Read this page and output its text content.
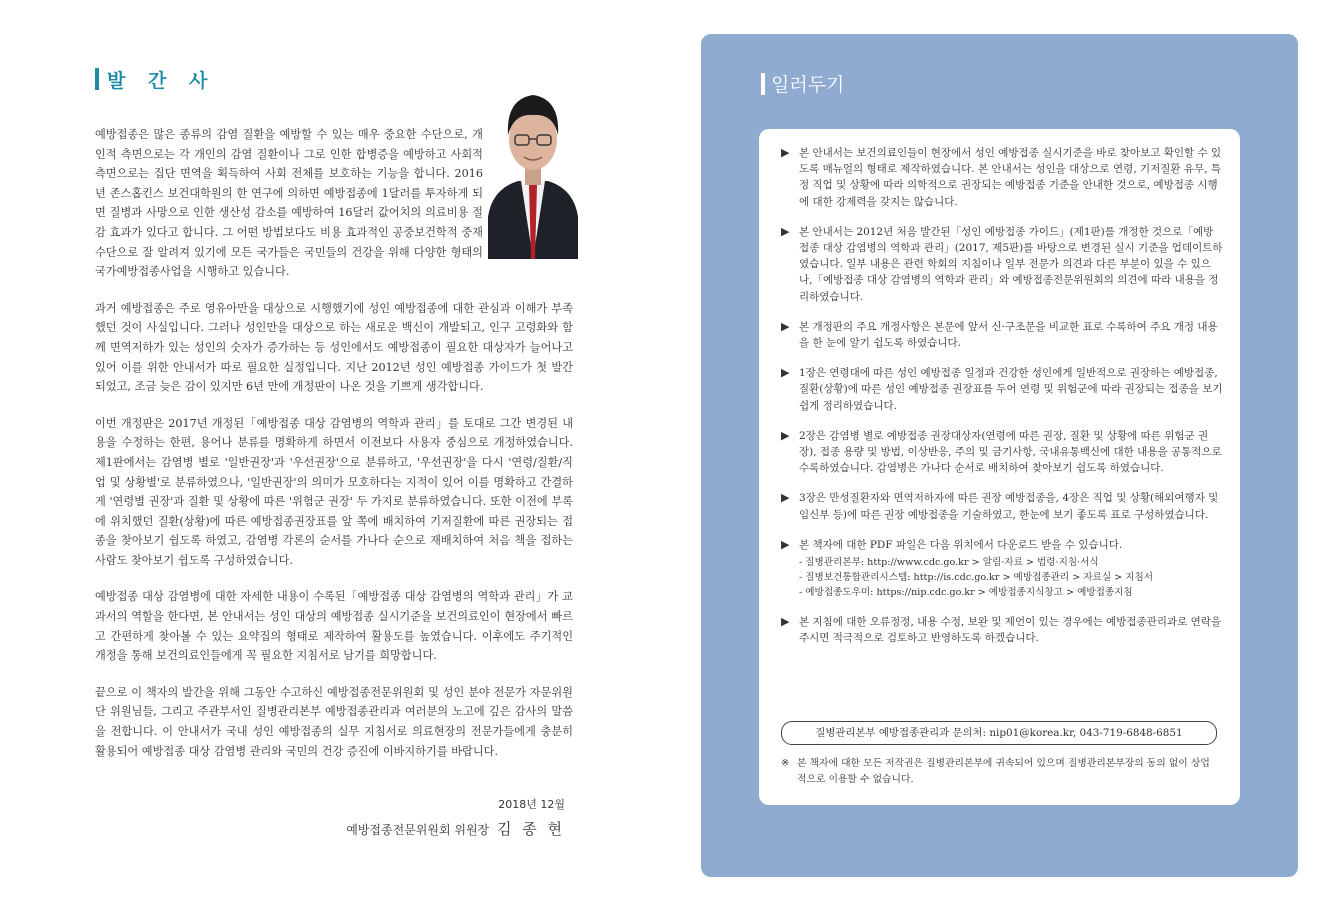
발 간 사

예방접종은 많은 종류의 감염 질환을 예방할 수 있는 매우 중요한 수단으로, 개인적 측면으로는 각 개인의 감염 질환이나 그로 인한 합병증을 예방하고 사회적 측면으로는 집단 면역을 획득하여 사회 전체를 보호하는 기능을 합니다. 2016년 존스홉킨스 보건대학원의 한 연구에 의하면 예방접종에 1달러를 투자하게 되면 질병과 사망으로 인한 생산성 감소를 예방하여 16달러 값어치의 의료비용 절감 효과가 있다고 합니다. 그 어떤 방법보다도 비용 효과적인 공중보건학적 중재수단으로 잘 알려져 있기에 모든 국가들은 국민들의 건강을 위해 다양한 형태의 국가예방접종사업을 시행하고 있습니다.

과거 예방접종은 주로 영유아만을 대상으로 시행했기에 성인 예방접종에 대한 관심과 이해가 부족했던 것이 사실입니다. 그러나 성인만을 대상으로 하는 새로운 백신이 개발되고, 인구 고령화와 함께 면역저하가 있는 성인의 숫자가 증가하는 등 성인에서도 예방접종이 필요한 대상자가 늘어나고 있어 이를 위한 안내서가 따로 필요한 실정입니다. 지난 2012년 성인 예방접종 가이드가 첫 발간되었고, 조금 늦은 감이 있지만 6년 만에 개정판이 나온 것을 기쁘게 생각합니다.

이번 개정판은 2017년 개정된「예방접종 대상 감염병의 역학과 관리」를 토대로 그간 변경된 내용을 수정하는 한편, 용어나 분류를 명확하게 하면서 이전보다 사용자 중심으로 개정하였습니다. 제1판에서는 감염병 별로 '일반권장'과 '우선권장'으로 분류하고, '우선권장'을 다시 '연령/질환/직업 및 상황별'로 분류하였으나, '일반권장'의 의미가 모호하다는 지적이 있어 이를 명확하고 간결하게 '연령별 권장'과 질환 및 상황에 따른 '위험군 권장' 두 가지로 분류하였습니다. 또한 이전에 부록에 위치했던 질환(상황)에 따른 예방접종권장표를 앞 쪽에 배치하여 기저질환에 따른 권장되는 접종을 찾아보기 쉽도록 하였고, 감염병 각론의 순서를 가나다 순으로 재배치하여 처음 책을 접하는 사람도 찾아보기 쉽도록 구성하였습니다.

예방접종 대상 감염병에 대한 자세한 내용이 수록된「예방접종 대상 감염병의 역학과 관리」가 교과서의 역할을 한다면, 본 안내서는 성인 대상의 예방접종 실시기준을 보건의료인이 현장에서 빠르고 간편하게 찾아볼 수 있는 요약집의 형태로 제작하여 활용도를 높였습니다. 이후에도 주기적인 개정을 통해 보건의료인들에게 꼭 필요한 지침서로 남기를 희망합니다.

끝으로 이 책자의 발간을 위해 그동안 수고하신 예방접종전문위원회 및 성인 분야 전문가 자문위원단 위원님들, 그리고 주관부서인 질병관리본부 예방접종관리과 여러분의 노고에 깊은 감사의 말씀을 전합니다. 이 안내서가 국내 성인 예방접종의 실무 지침서로 의료현장의 전문가들에게 충분히 활용되어 예방접종 대상 감염병 관리와 국민의 건강 증진에 이바지하기를 바랍니다.

2018년 12월
예방접종전문위원회 위원장 김 종 현
일러두기
▶ 본 안내서는 보건의료인들이 현장에서 성인 예방접종 실시기준을 바로 찾아보고 확인할 수 있도록 매뉴얼의 형태로 제작하였습니다. 본 안내서는 성인을 대상으로 연령, 기저질환 유무, 특정 직업 및 상황에 따라 의학적으로 권장되는 예방접종 기준을 안내한 것으로, 예방접종 시행에 대한 강제력을 갖지는 않습니다.
▶ 본 안내서는 2012년 처음 발간된「성인 예방접종 가이드」(제1판)를 개정한 것으로「예방접종 대상 감염병의 역학과 관리」(2017, 제5판)를 바탕으로 변경된 실시 기준을 업데이트하였습니다. 일부 내용은 관련 학회의 지침이나 일부 전문가 의견과 다른 부분이 있을 수 있으나,「예방접종 대상 감염병의 역학과 관리」와 예방접종전문위원회의 의견에 따라 내용을 정리하였습니다.
▶ 본 개정판의 주요 개정사항은 본문에 앞서 신·구조문을 비교한 표로 수록하여 주요 개정 내용을 한 눈에 알기 쉽도록 하였습니다.
▶ 1장은 연령대에 따른 성인 예방접종 일정과 건강한 성인에게 일반적으로 권장하는 예방접종, 질환(상황)에 따른 성인 예방접종 권장표를 두어 연령 및 위험군에 따라 권장되는 접종을 보기 쉽게 정리하였습니다.
▶ 2장은 감염병 별로 예방접종 권장대상자(연령에 따른 권장, 질환 및 상황에 따른 위험군 권장), 접종 용량 및 방법, 이상반응, 주의 및 금기사항, 국내유통백신에 대한 내용을 공통적으로 수록하였습니다. 감염병은 가나다 순서로 배치하여 찾아보기 쉽도록 하였습니다.
▶ 3장은 만성질환자와 면역저하자에 따른 권장 예방접종을, 4장은 직업 및 상황(해외여행자 및 임신부 등)에 따른 권장 예방접종을 기술하였고, 한눈에 보기 좋도록 표로 구성하였습니다.
▶ 본 책자에 대한 PDF 파일은 다음 위치에서 다운로드 받을 수 있습니다.
- 질병관리본부: http://www.cdc.go.kr > 알림·자료 > 법령·지침·서식
- 질병보건통합관리시스템: http://is.cdc.go.kr > 예방접종관리 > 자료실 > 지침서
- 예방접종도우미: https://nip.cdc.go.kr > 예방접종지식창고 > 예방접종지침
▶ 본 지침에 대한 오류정정, 내용 수정, 보완 및 제언이 있는 경우에는 예방접종관리과로 연락을 주시면 적극적으로 검토하고 반영하도록 하겠습니다.
질병관리본부 예방접종관리과 문의처: nip01@korea.kr, 043-719-6848-6851
※ 본 책자에 대한 모든 저작권은 질병관리본부에 귀속되어 있으며 질병관리본부장의 동의 없이 상업적으로 이용할 수 없습니다.
